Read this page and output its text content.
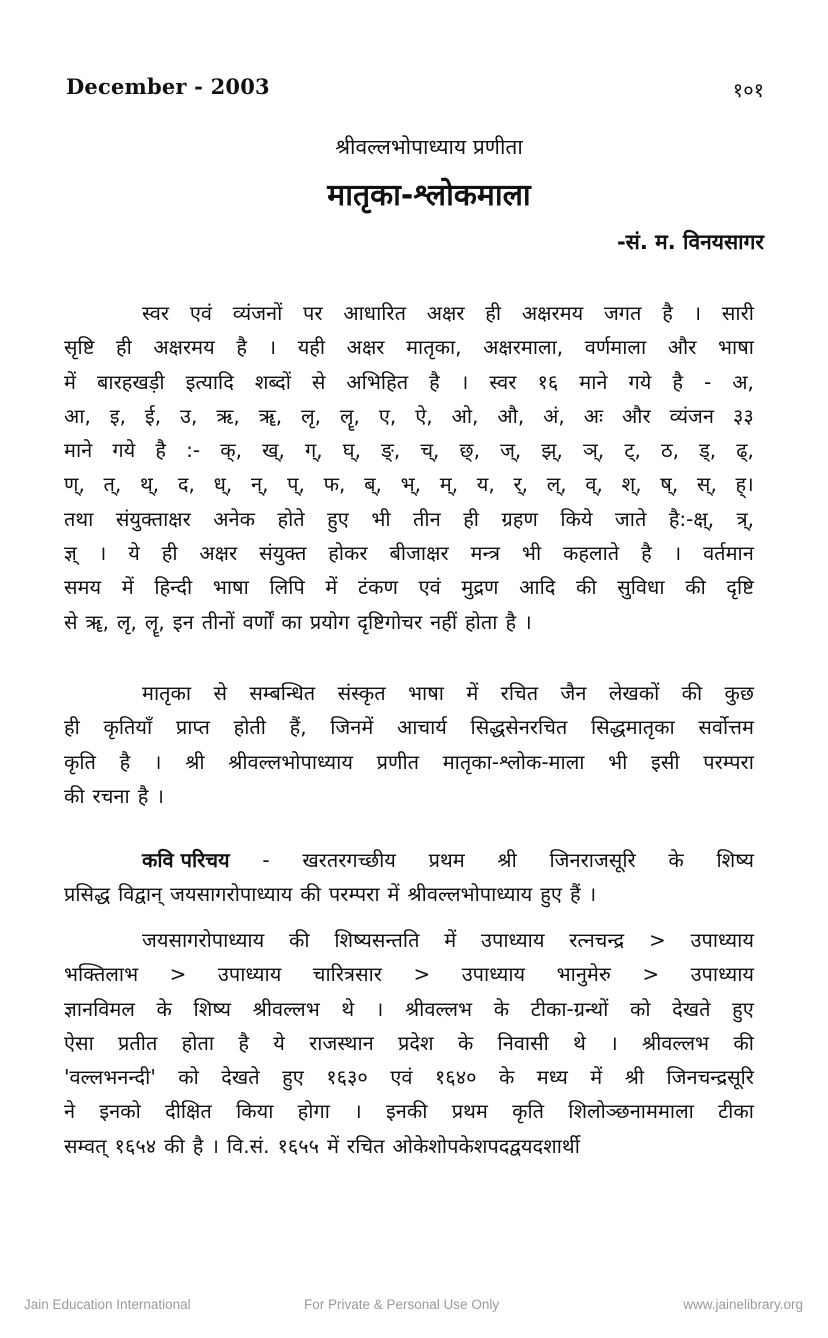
December - 2003	१०१
श्रीवल्लभोपाध्याय प्रणीता
मातृका-श्लोकमाला
-सं. म. विनयसागर
स्वर एवं व्यंजनों पर आधारित अक्षर ही अक्षरमय जगत है । सारी
सृष्टि ही अक्षरमय है । यही अक्षर मातृका, अक्षरमाला, वर्णमाला और भाषा
में बारहखड़ी इत्यादि शब्दों से अभिहित है । स्वर १६ माने गये है - अ,
आ, इ, ई, उ, ऋ, ॠ, लृ, लॄ, ए, ऐ, ओ, औ, अं, अः और व्यंजन ३३
माने गये है :- क्, ख्, ग्, घ्, ङ्, च्, छ्, ज्, झ्, ञ्, ट्, ठ, ड्, ढ्,
ण्, त्, थ्, द, ध्, न्, प्, फ, ब्, भ्, म्, य, र्, ल्, व्, श्, ष्, स्, ह्।
तथा संयुक्ताक्षर अनेक होते हुए भी तीन ही ग्रहण किये जाते है:-क्ष्, त्र्,
ज्ञ् । ये ही अक्षर संयुक्त होकर बीजाक्षर मन्त्र भी कहलाते है । वर्तमान
समय में हिन्दी भाषा लिपि में टंकण एवं मुद्रण आदि की सुविधा की दृष्टि
से ॠ, लृ, लॄ, इन तीनों वर्णों का प्रयोग दृष्टिगोचर नहीं होता है ।
मातृका से सम्बन्धित संस्कृत भाषा में रचित जैन लेखकों की कुछ
ही कृतियाँ प्राप्त होती हैं, जिनमें आचार्य सिद्धसेनरचित सिद्धमातृका सर्वोत्तम
कृति है । श्री श्रीवल्लभोपाध्याय प्रणीत मातृका-श्लोक-माला भी इसी परम्परा
की रचना है ।
कवि परिचय - खरतरगच्छीय प्रथम श्री जिनराजसूरि के शिष्य
प्रसिद्ध विद्वान् जयसागरोपाध्याय की परम्परा में श्रीवल्लभोपाध्याय हुए हैं ।
जयसागरोपाध्याय की शिष्यसन्तति में उपाध्याय रत्नचन्द्र > उपाध्याय
भक्तिलाभ > उपाध्याय चारित्रसार > उपाध्याय भानुमेरु > उपाध्याय
ज्ञानविमल के शिष्य श्रीवल्लभ थे । श्रीवल्लभ के टीका-ग्रन्थों को देखते हुए
ऐसा प्रतीत होता है ये राजस्थान प्रदेश के निवासी थे । श्रीवल्लभ की
'वल्लभनन्दी' को देखते हुए १६३० एवं १६४० के मध्य में श्री जिनचन्द्रसूरि
ने इनको दीक्षित किया होगा । इनकी प्रथम कृति शिलोञ्छनाममाला टीका
सम्वत् १६५४ की है । वि.सं. १६५५ में रचित ओकेशोपकेशपदद्वयदशार्थी
Jain Education International	For Private & Personal Use Only	www.jainelibrary.org
